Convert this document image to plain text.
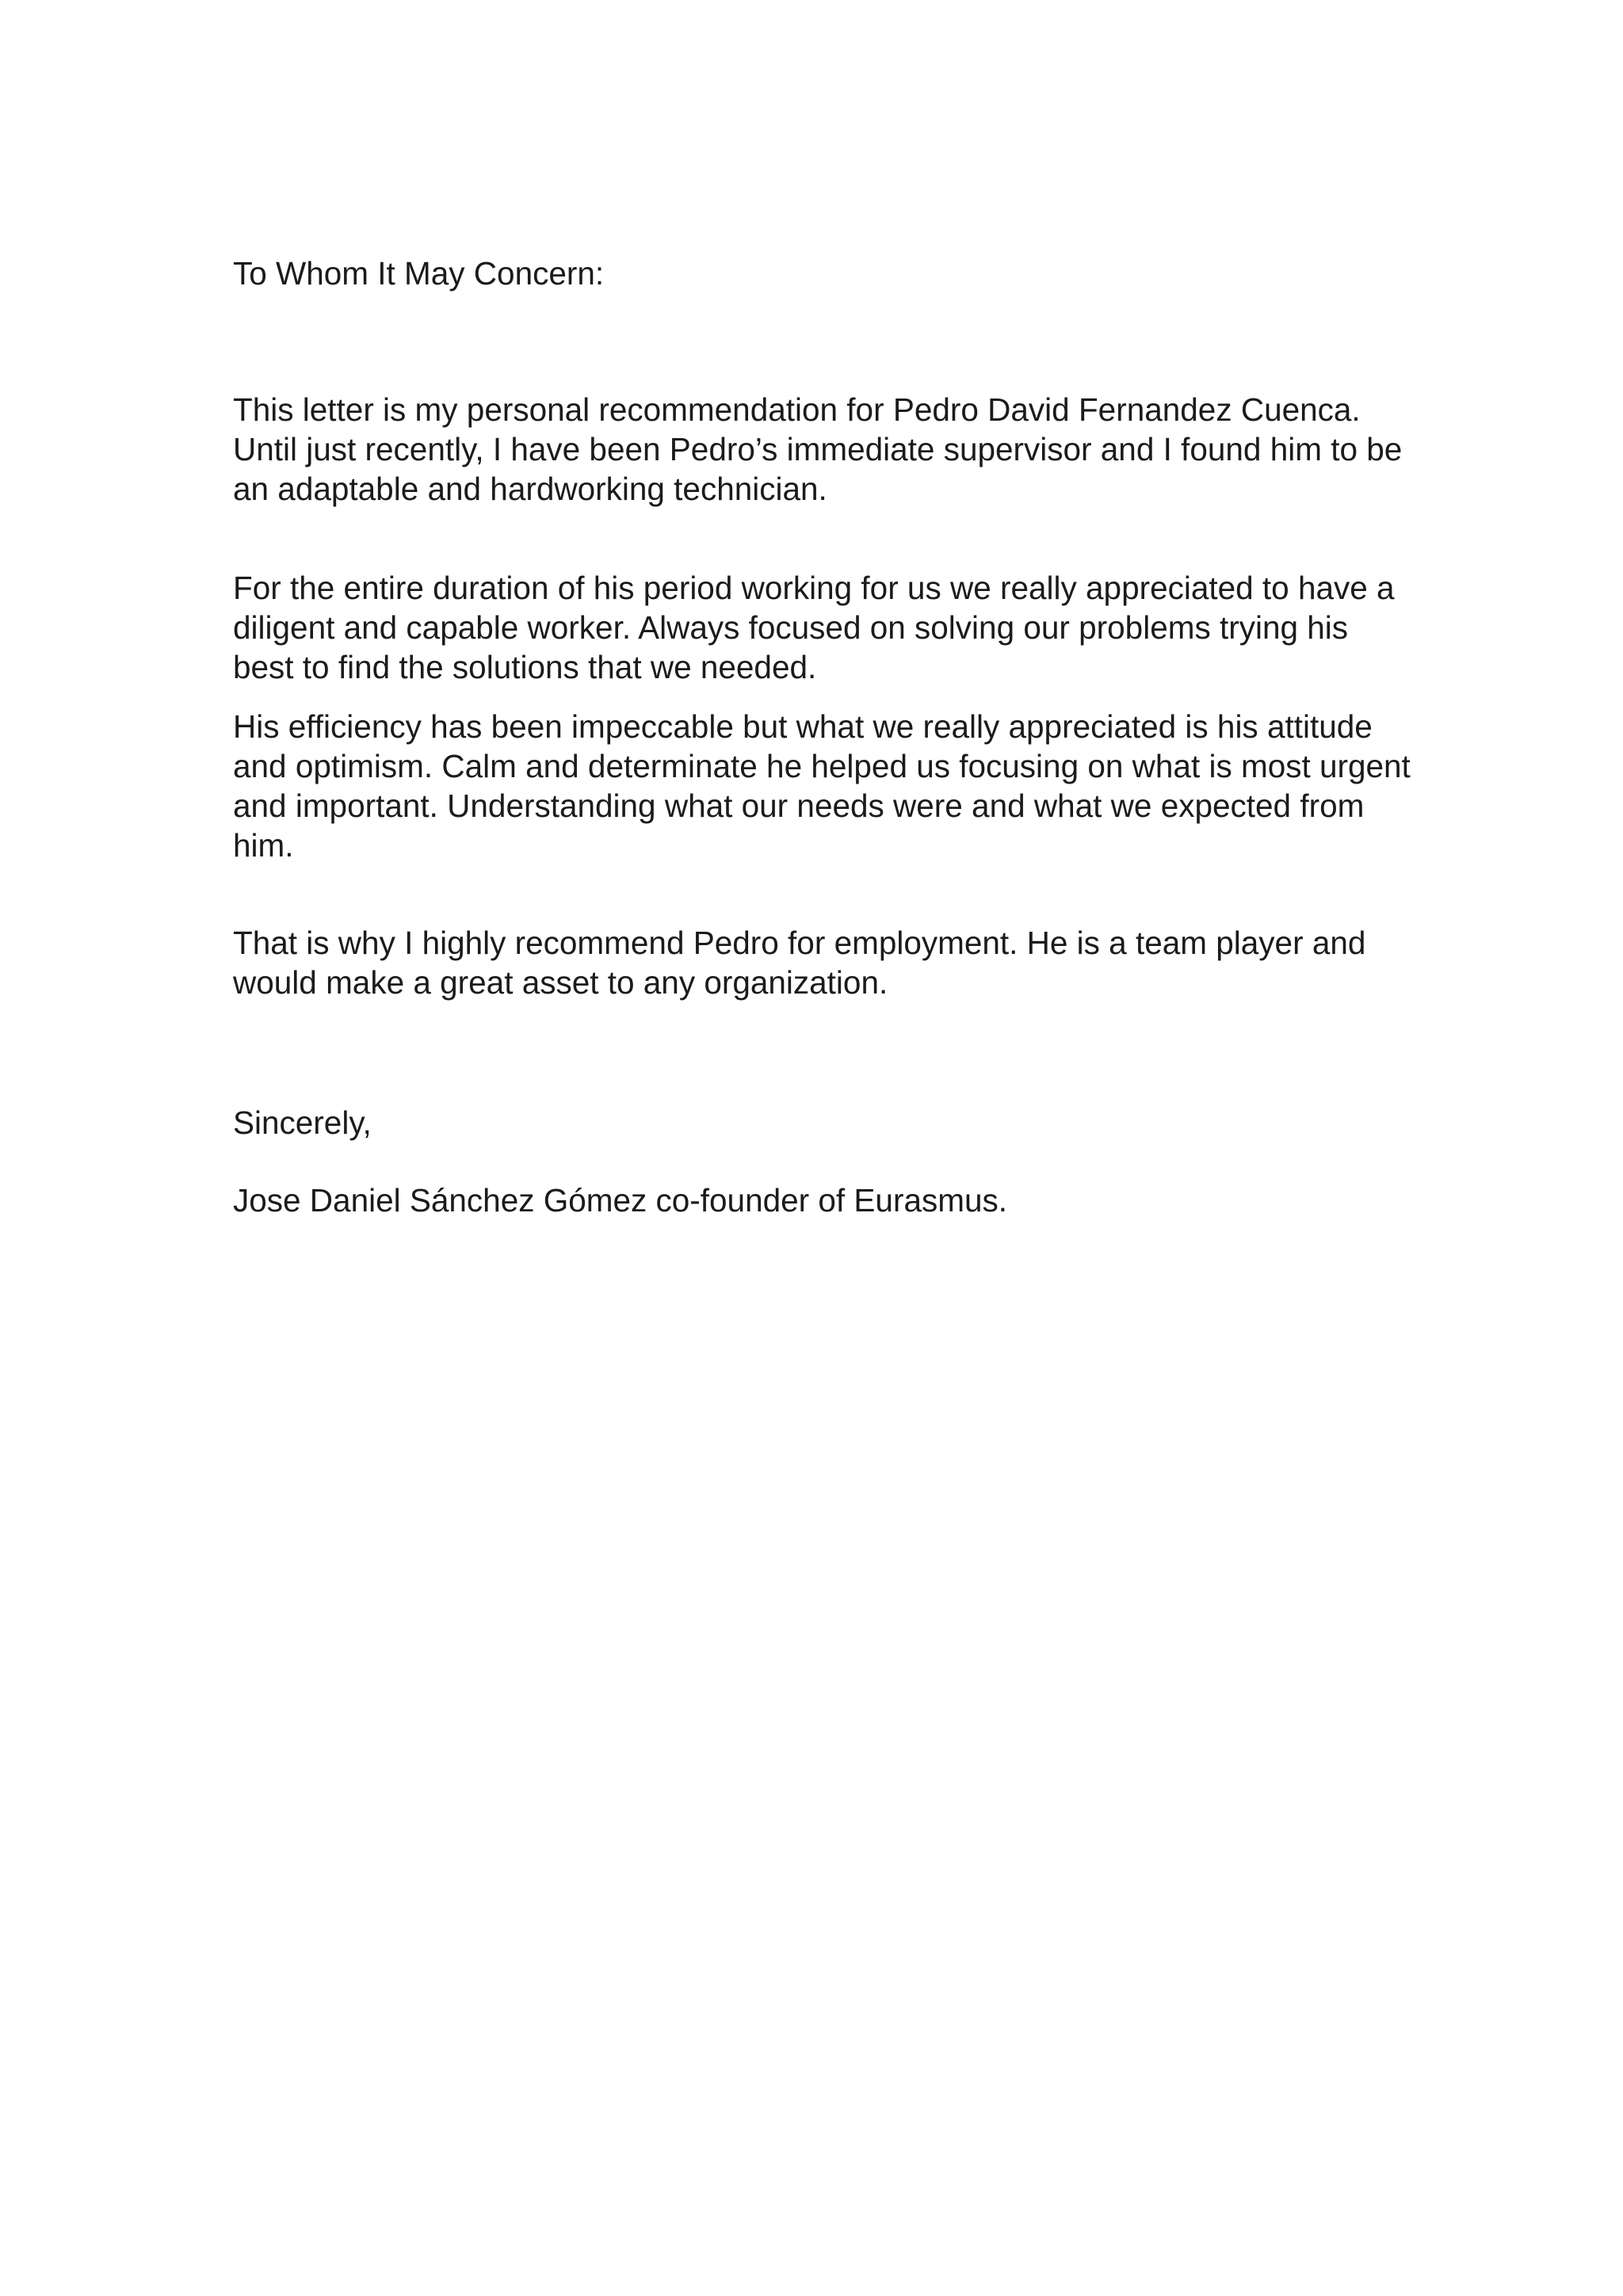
To Whom It May Concern:

This letter is my personal recommendation for Pedro David Fernandez Cuenca.
Until just recently, I have been Pedro’s immediate supervisor and I found him to be
an adaptable and hardworking technician.

For the entire duration of his period working for us we really appreciated to have a
diligent and capable worker. Always focused on solving our problems trying his
best to find the solutions that we needed.

His efficiency has been impeccable but what we really appreciated is his attitude
and optimism. Calm and determinate he helped us focusing on what is most urgent
and important. Understanding what our needs were and what we expected from
him.

That is why I highly recommend Pedro for employment. He is a team player and
would make a great asset to any organization.

Sincerely,

Jose Daniel Sánchez Gómez co-founder of Eurasmus.
